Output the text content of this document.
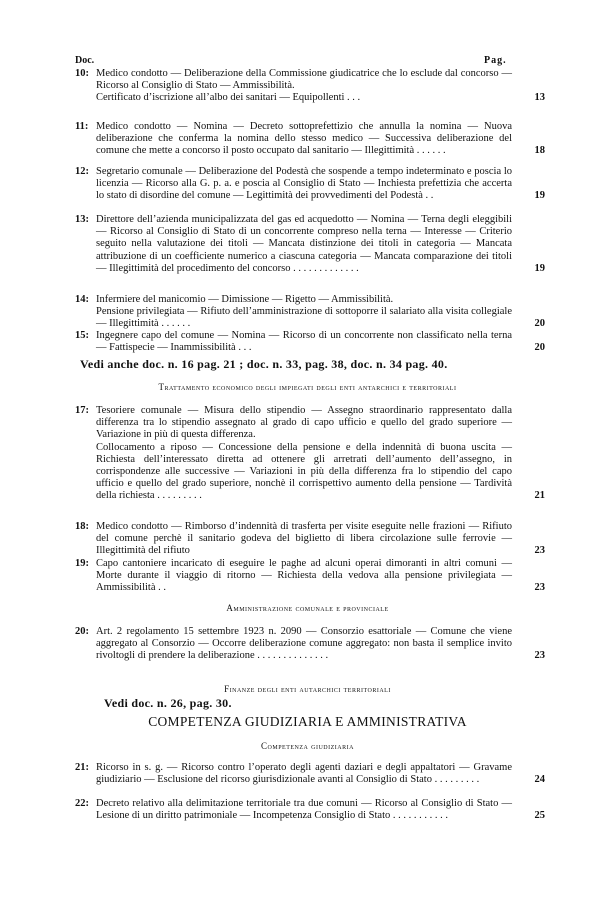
Doc.	Pag.
10: Medico condotto — Deliberazione della Commissione giudicatrice che lo esclude dal concorso — Ricorso al Consiglio di Stato — Ammissibilità.
Certificato d’iscrizione all’albo dei sanitari — Equipollenti . . .	13
11: Medico condotto — Nomina — Decreto sottoprefettizio che annulla la nomina — Nuova deliberazione che conferma la nomina dello stesso medico — Successiva deliberazione del comune che mette a concorso il posto occupato dal sanitario — Illegittimità . . . . . .	18
12: Segretario comunale — Deliberazione del Podestà che sospende a tempo indeterminato e poscia lo licenzia — Ricorso alla G. p. a. e poscia al Consiglio di Stato — Inchiesta prefettizia che accerta lo stato di disordine del comune — Legittimità dei provvedimenti del Podestà . .	19
13: Direttore dell’azienda municipalizzata del gas ed acquedotto — Nomina — Terna degli eleggibili — Ricorso al Consiglio di Stato di un concorrente compreso nella terna — Interesse — Criterio seguito nella valutazione dei titoli — Mancata distinzione dei titoli in categoria — Mancata attribuzione di un coefficiente numerico a ciascuna categoria — Mancata comparazione dei titoli — Illegittimità del procedimento del concorso . . . . . . . . . . . . .	19
14: Infermiere del manicomio — Dimissione — Rigetto — Ammissibilità.
Pensione privilegiata — Rifiuto dell’amministrazione di sottoporre il salariato alla visita collegiale — Illegittimità . . . . . .	20
15: Ingegnere capo del comune — Nomina — Ricorso di un concorrente non classificato nella terna — Fattispecie — Inammissibilità . . .	20
Vedi anche doc. n. 16 pag. 21 ; doc. n. 33, pag. 38, doc. n. 34 pag. 40.
Trattamento economico degli impiegati degli enti antarchici e territoriali
17: Tesoriere comunale — Misura dello stipendio — Assegno straordinario rappresentato dalla differenza tra lo stipendio assegnato al grado di capo ufficio e quello del grado superiore — Variazione in più di questa differenza.
Collocamento a riposo — Concessione della pensione e della indennità di buona uscita — Richiesta dell’interessato diretta ad ottenere gli arretrati dell’aumento dell’assegno, in corrispondenze alle successive — Variazioni in più della differenza fra lo stipendio del capo ufficio e quello del grado superiore, nonchè il corrispettivo aumento della pensione — Tardività della richiesta . . . . . . . . .	21
18: Medico condotto — Rimborso d’indennità di trasferta per visite eseguite nelle frazioni — Rifiuto del comune perchè il sanitario godeva del biglietto di libera circolazione sulle ferrovie — Illegittimità del rifiuto	23
19: Capo cantoniere incaricato di eseguire le paghe ad alcuni operai dimoranti in altri comuni — Morte durante il viaggio di ritorno — Richiesta della vedova alla pensione privilegiata — Ammissibilità . .	23
Amministrazione comunale e provinciale
20: Art. 2 regolamento 15 settembre 1923 n. 2090 — Consorzio esattoriale — Comune che viene aggregato al Consorzio — Occorre deliberazione comune aggregato: non basta il semplice invito rivoltogli di prendere la deliberazione . . . . . . . . . . . . . .	23
Finanze degli enti autarchici territoriali
Vedi doc. n. 26, pag. 30.
COMPETENZA GIUDIZIARIA E AMMINISTRATIVA
Competenza giudiziaria
21: Ricorso in s. g. — Ricorso contro l’operato degli agenti daziari e degli appaltatori — Gravame giudiziario — Esclusione del ricorso giurisdizionale avanti al Consiglio di Stato . . . . . . . . .	24
22: Decreto relativo alla delimitazione territoriale tra due comuni — Ricorso al Consiglio di Stato — Lesione di un diritto patrimoniale — Incompetenza Consiglio di Stato . . . . . . . . . . .	25
